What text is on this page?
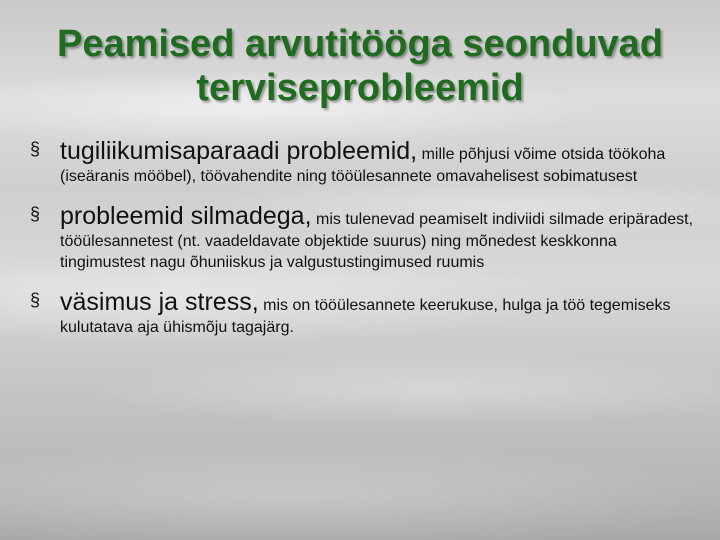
Peamised arvutitööga seonduvad terviseprobleemid
§ tugiliikumisaparaadi probleemid, mille põhjusi võime otsida töökoha (iseäranis mööbel), töövahendite ning tööülesannete omavahelisest sobimatusest
§ probleemid silmadega, mis tulenevad peamiselt indiviidi silmade eripäradest, tööülesannetest (nt. vaadeldavate objektide suurus) ning mõnedest keskkonna tingimustest nagu õhuniiskus ja valgustustingimused ruumis
§ väsimus ja stress, mis on tööülesannete keerukuse, hulga ja töö tegemiseks kulutatava aja ühismõju tagajärg.
